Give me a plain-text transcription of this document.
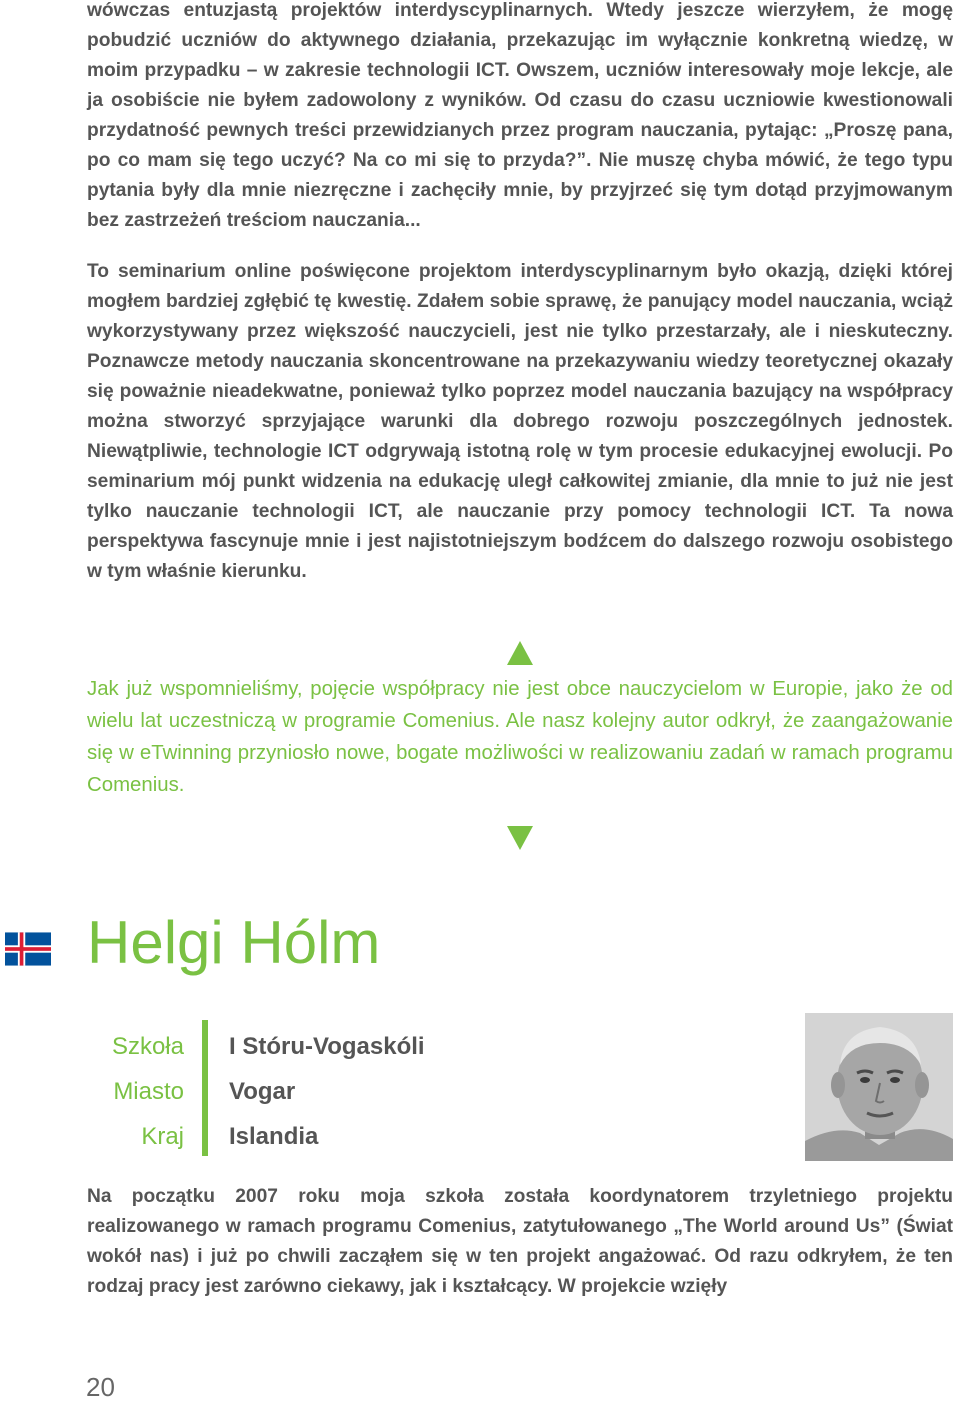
wówczas entuzjastą projektów interdyscyplinarnych. Wtedy jeszcze wierzyłem, że mogę pobudzić uczniów do aktywnego działania, przekazując im wyłącznie konkretną wiedzę, w moim przypadku – w zakresie technologii ICT. Owszem, uczniów interesowały moje lekcje, ale ja osobiście nie byłem zadowolony z wyników. Od czasu do czasu uczniowie kwestionowali przydatność pewnych treści przewidzianych przez program nauczania, pytając: „Proszę pana, po co mam się tego uczyć? Na co mi się to przyda?”. Nie muszę chyba mówić, że tego typu pytania były dla mnie niezręczne i zachęciły mnie, by przyjrzeć się tym dotąd przyjmowanym bez zastrzeżeń treściom nauczania...

To seminarium online poświęcone projektom interdyscyplinarnym było okazją, dzięki której mogłem bardziej zgłębić tę kwestię. Zdałem sobie sprawę, że panujący model nauczania, wciąż wykorzystywany przez większość nauczycieli, jest nie tylko przestarzały, ale i nieskuteczny. Poznawcze metody nauczania skoncentrowane na przekazywaniu wiedzy teoretycznej okazały się poważnie nieadekwatne, ponieważ tylko poprzez model nauczania bazujący na współpracy można stworzyć sprzyjające warunki dla dobrego rozwoju poszczególnych jednostek. Niewątpliwie, technologie ICT odgrywają istotną rolę w tym procesie edukacyjnej ewolucji. Po seminarium mój punkt widzenia na edukację uległ całkowitej zmianie, dla mnie to już nie jest tylko nauczanie technologii ICT, ale nauczanie przy pomocy technologii ICT. Ta nowa perspektywa fascynuje mnie i jest najistotniejszym bodźcem do dalszego rozwoju osobistego w tym właśnie kierunku.

Jak już wspomnieliśmy, pojęcie współpracy nie jest obce nauczycielom w Europie, jako że od wielu lat uczestniczą w programie Comenius. Ale nasz kolejny autor odkrył, że zaangażowanie się w eTwinning przyniosło nowe, bogate możliwości w realizowaniu zadań w ramach programu Comenius.

Helgi Hólm
Szkoła
Miasto
Kraj
I Stóru-Vogaskóli
Vogar
Islandia

Na początku 2007 roku moja szkoła została koordynatorem trzyletniego projektu realizowanego w ramach programu Comenius, zatytułowanego „The World around Us” (Świat wokół nas) i już po chwili zacząłem się w ten projekt angażować. Od razu odkryłem, że ten rodzaj pracy jest zarówno ciekawy, jak i kształcący. W projekcie wzięły

20
